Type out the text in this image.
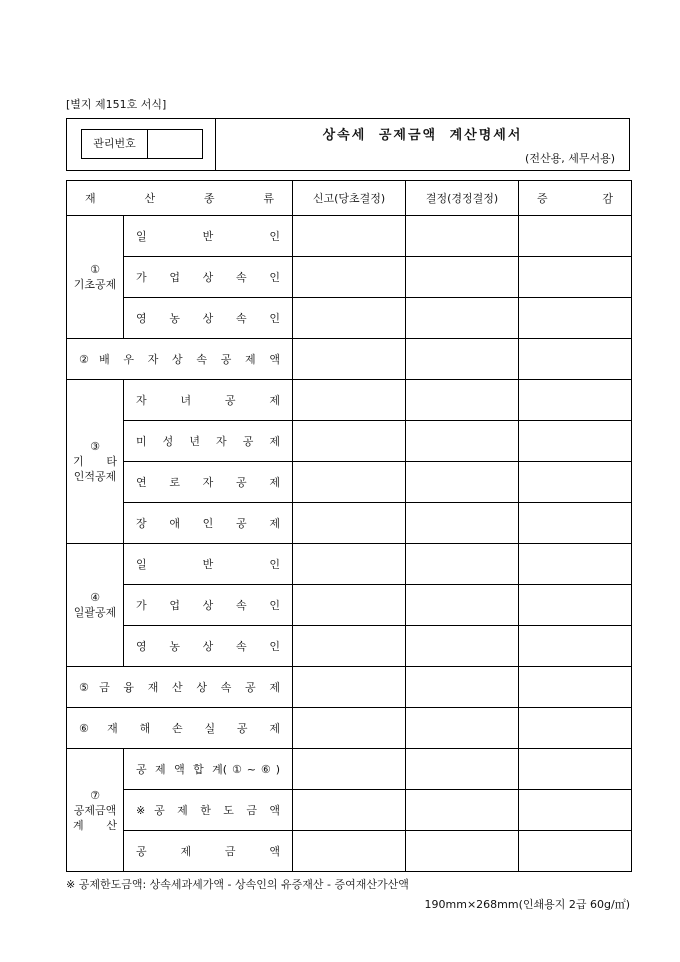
[별지 제151호 서식]
관리번호
상속세 공제금액 계산명세서
(전산용, 세무서용)
재 산 종 류		신고(당초결정)	결정(경정결정)	증 감

①
기초공제	일 반 인			
	가 업 상 속 인			
	영 농 상 속 인			
②배 우 자 상 속 공 제 액				

③
기 타
인적공제	자 녀 공 제			
	미 성 년 자 공 제			
	연 로 자 공 제			
	장 애 인 공 제			

④
일괄공제	일 반 인			
	가 업 상 속 인			
	영 농 상 속 인			
⑤금 융 재 산 상 속 공 제				
⑥재 해 손 실 공 제				

⑦
공제금액
계 산	공 제 액 합 계(①~⑥)			
	※공 제 한 도 금 액			
	공 제 금 액			
※ 공제한도금액: 상속세과세가액 - 상속인의 유증재산 - 증여재산가산액
190mm×268mm(인쇄용지 2급 60g/㎡)
